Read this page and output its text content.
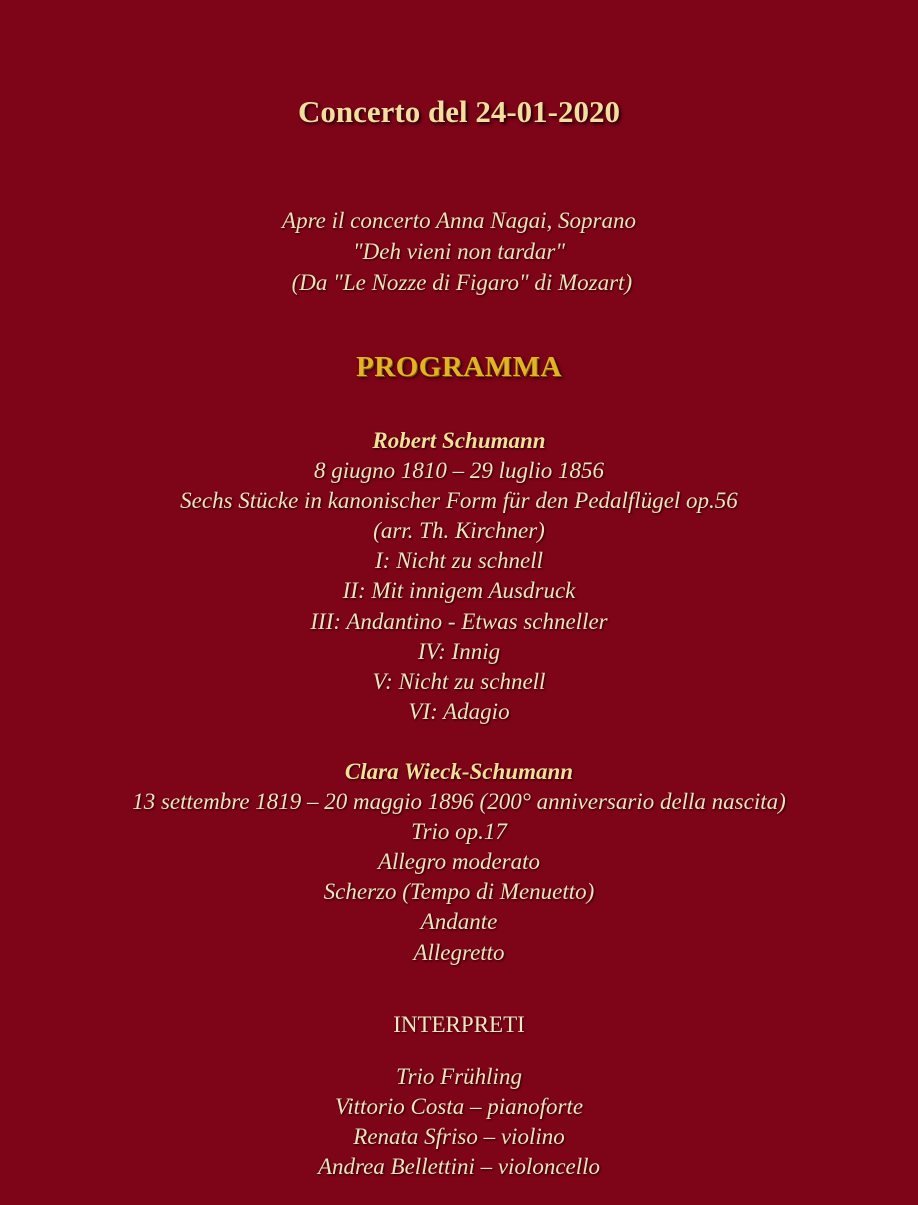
Concerto del 24-01-2020
Apre il concerto Anna Nagai, Soprano
"Deh vieni non tardar"
(Da "Le Nozze di Figaro" di Mozart)
PROGRAMMA
Robert Schumann
8 giugno 1810 – 29 luglio 1856
Sechs Stücke in kanonischer Form für den Pedalflügel op.56
(arr. Th. Kirchner)
I: Nicht zu schnell
II: Mit innigem Ausdruck
III: Andantino - Etwas schneller
IV: Innig
V: Nicht zu schnell
VI: Adagio
Clara Wieck-Schumann
13 settembre 1819 – 20 maggio 1896 (200° anniversario della nascita)
Trio op.17
Allegro moderato
Scherzo (Tempo di Menuetto)
Andante
Allegretto
INTERPRETI
Trio Frühling
Vittorio Costa – pianoforte
Renata Sfriso – violino
Andrea Bellettini – violoncello
